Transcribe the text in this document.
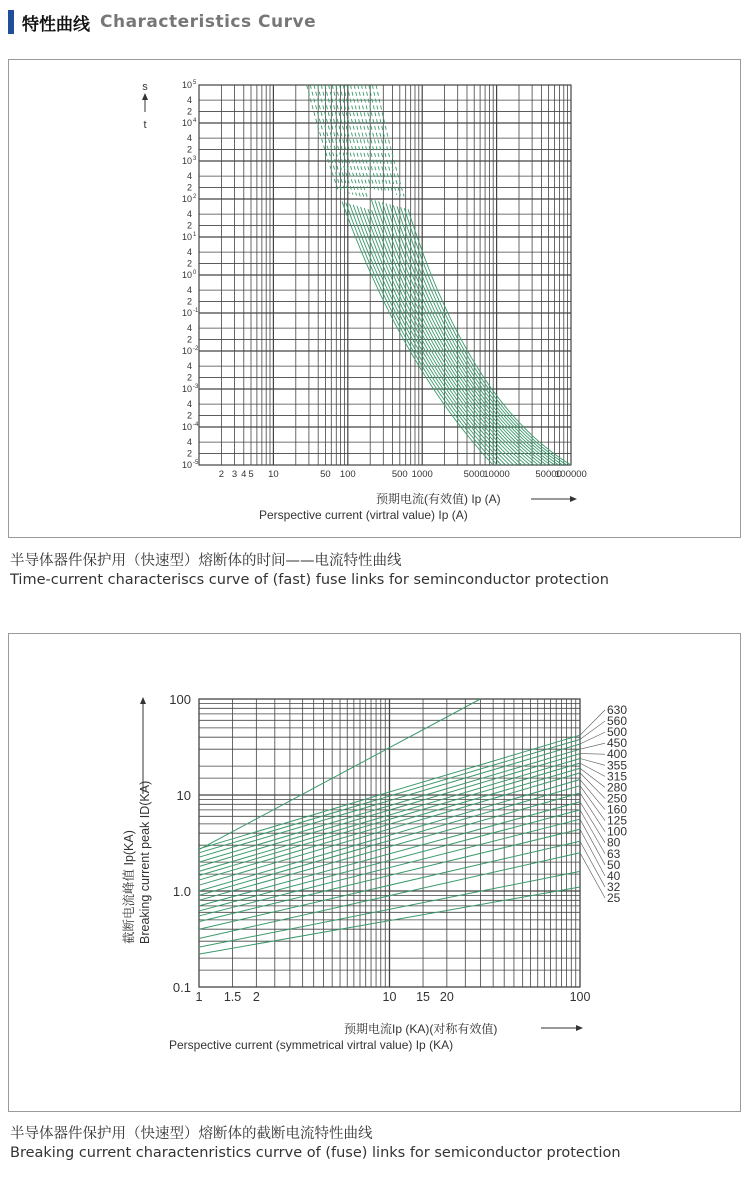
特性曲线 Characteristics Curve
10 5
4
2
10 4
4
2
10 3
4
2
10 2
4
2
10 1
4
2
10 0
4
2
10 -1
4
2
10 -2
4
2
10 -3
4
2
10 -4
4
2
10 -5
2 3 4 5 10	50 100	500 1000	5000
10000	50000
100000
s
t
预期电流(有效值) Ip (A)
Perspective current (virtral value) Ip (A)
半导体器件保护用（快速型）熔断体的时间——电流特性曲线
Time-current characteriscs curve of (fast) fuse links for seminconductor protection
0.1
1.0
10
100
1 1.5 2	10 15 20	100
630
560
500
450
400
355
315
280
250
160
125
100
80
63
50
40
32
25
截断电流峰值 Ip(KA) Breaking current peak ID(KA)
预期电流Ip (KA)(对称有效值)
Perspective current (symmetrical virtral value) Ip (KA)
半导体器件保护用（快速型）熔断体的截断电流特性曲线
Breaking current charactenristics currve of (fuse) links for semiconductor protection
